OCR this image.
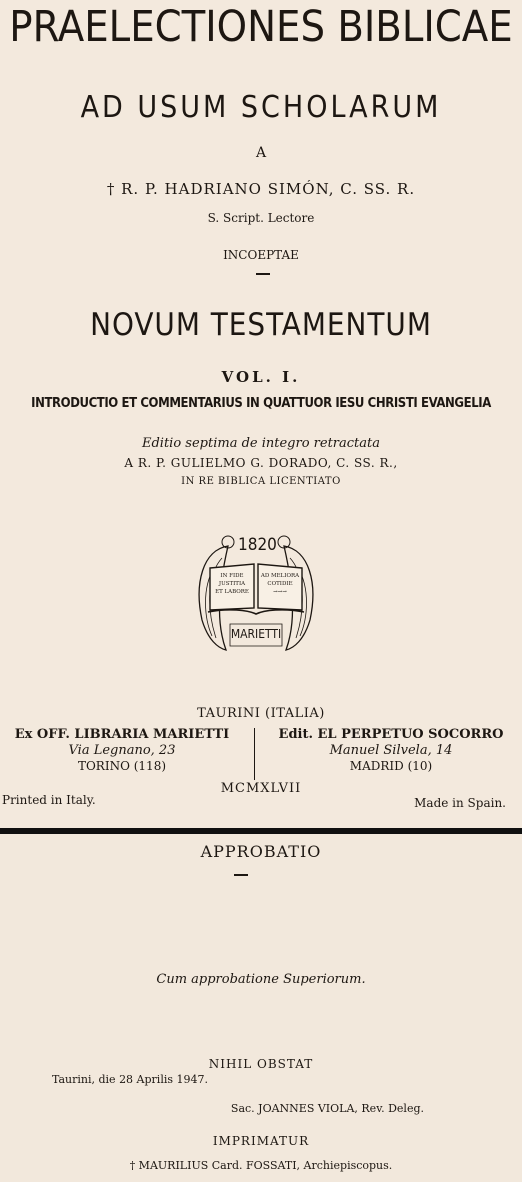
PRAELECTIONES BIBLICAE
AD USUM SCHOLARUM
A
† R. P. HADRIANO SIMÓN, C. SS. R.
S. Script. Lectore
INCOEPTAE
NOVUM TESTAMENTUM
VOL. I.
INTRODUCTIO ET COMMENTARIUS IN QUATTUOR IESU CHRISTI EVANGELIA
Editio septima de integro retractata
A R. P. GULIELMO G. DORADO, C. SS. R.,
IN RE BIBLICA LICENTIATO
1820
IN FIDE
JUSTITIA
ET LABORE
AD MELIORA
COTIDIE
→→→
MARIETTI
TAURINI (ITALIA)
Ex OFF. LIBRARIA MARIETTI
Via Legnano, 23
TORINO (118)
Edit. EL PERPETUO SOCORRO
Manuel Silvela, 14
MADRID (10)
MCMXLVII
Printed in Italy.	Made in Spain.
APPROBATIO
Cum approbatione Superiorum.
NIHIL OBSTAT
Taurini, die 28 Aprilis 1947.
Sac. JOANNES VIOLA, Rev. Deleg.
IMPRIMATUR
† MAURILIUS Card. FOSSATI, Archiepiscopus.
